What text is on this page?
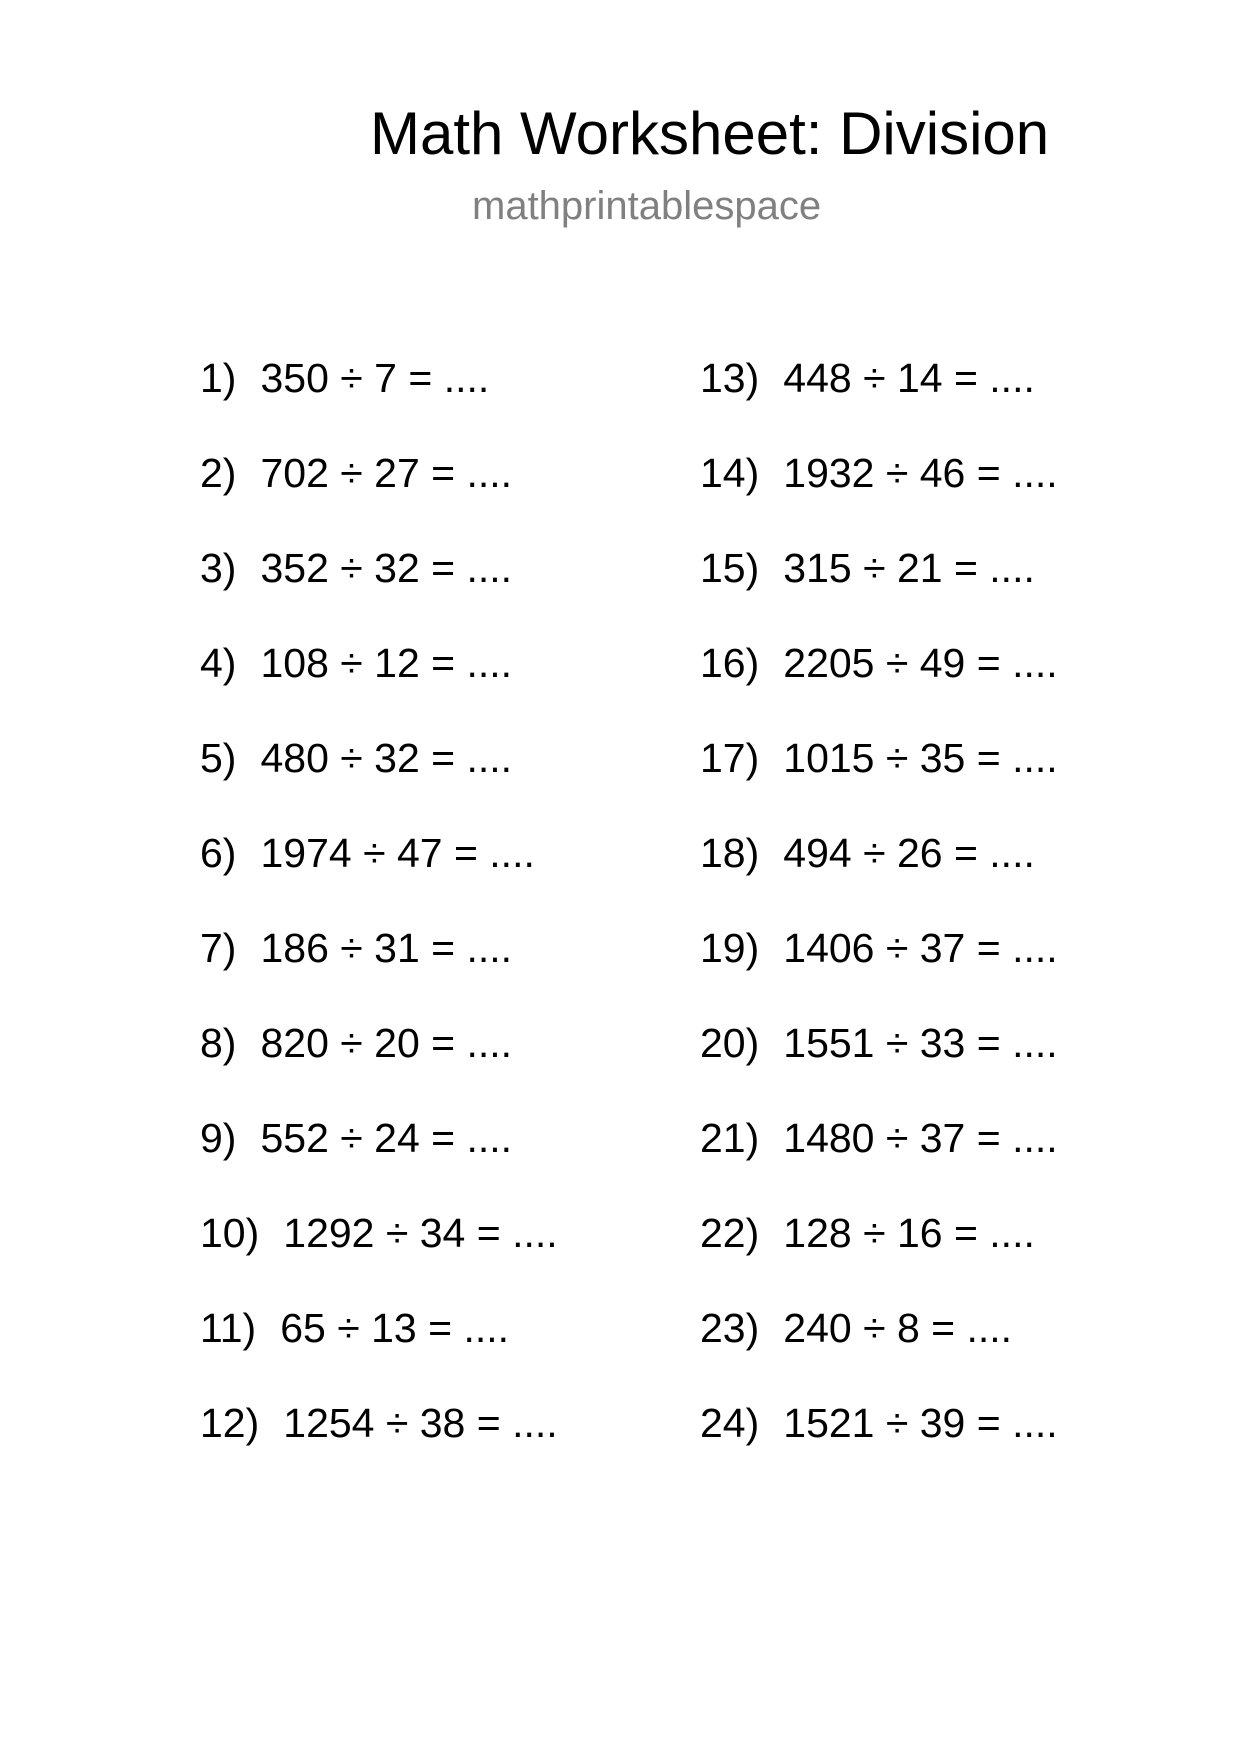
Math Worksheet: Division
mathprintablespace
1) 350 ÷ 7 = ....
2) 702 ÷ 27 = ....
3) 352 ÷ 32 = ....
4) 108 ÷ 12 = ....
5) 480 ÷ 32 = ....
6) 1974 ÷ 47 = ....
7) 186 ÷ 31 = ....
8) 820 ÷ 20 = ....
9) 552 ÷ 24 = ....
10) 1292 ÷ 34 = ....
11) 65 ÷ 13 = ....
12) 1254 ÷ 38 = ....
13) 448 ÷ 14 = ....
14) 1932 ÷ 46 = ....
15) 315 ÷ 21 = ....
16) 2205 ÷ 49 = ....
17) 1015 ÷ 35 = ....
18) 494 ÷ 26 = ....
19) 1406 ÷ 37 = ....
20) 1551 ÷ 33 = ....
21) 1480 ÷ 37 = ....
22) 128 ÷ 16 = ....
23) 240 ÷ 8 = ....
24) 1521 ÷ 39 = ....
